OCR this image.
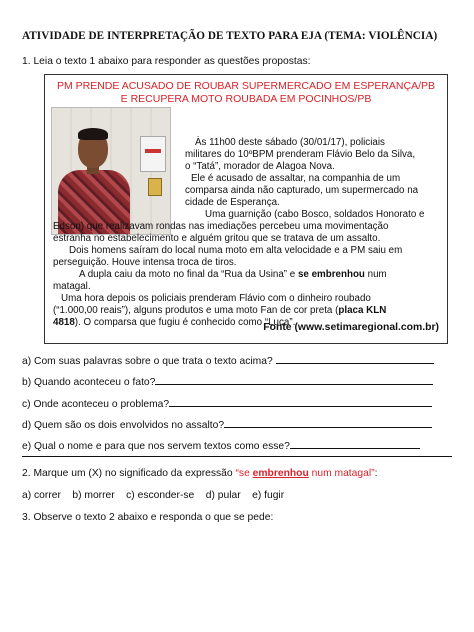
ATIVIDADE DE INTERPRETAÇÃO DE TEXTO PARA EJA (TEMA: VIOLÊNCIA)
1. Leia o texto 1 abaixo para responder as questões propostas:
PM PRENDE ACUSADO DE ROUBAR SUPERMERCADO EM ESPERANÇA/PB
E RECUPERA MOTO ROUBADA EM POCINHOS/PB
Às 11h00 deste sábado (30/01/17), policiais
militares do 10ºBPM prenderam Flávio Belo da Silva,
o “Tatá”, morador de Alagoa Nova.
Ele é acusado de assaltar, na companhia de um
comparsa ainda não capturado, um supermercado na
cidade de Esperança.
Uma guarnição (cabo Bosco, soldados Honorato e
Edson) que realizavam rondas nas imediações percebeu uma movimentação
estranha no estabelecimento e alguém gritou que se tratava de um assalto.
Dois homens saíram do local numa moto em alta velocidade e a PM saiu em
perseguição. Houve intensa troca de tiros.
A dupla caiu da moto no final da “Rua da Usina” e se embrenhou num
matagal.
Uma hora depois os policiais prenderam Flávio com o dinheiro roubado
(“1.000,00 reais”), alguns produtos e uma moto Fan de cor preta (placa KLN
4818). O comparsa que fugiu é conhecido como “Luca”.
Fonte (www.setimaregional.com.br)
a) Com suas palavras sobre o que trata o texto acima?
b) Quando aconteceu o fato?
c) Onde aconteceu o problema?
d) Quem são os dois envolvidos no assalto?
e) Qual o nome e para que nos servem textos como esse?
2. Marque um (X) no significado da expressão “se embrenhou num matagal”:
a) correr b) morrer c) esconder-se d) pular e) fugir
3. Observe o texto 2 abaixo e responda o que se pede:
